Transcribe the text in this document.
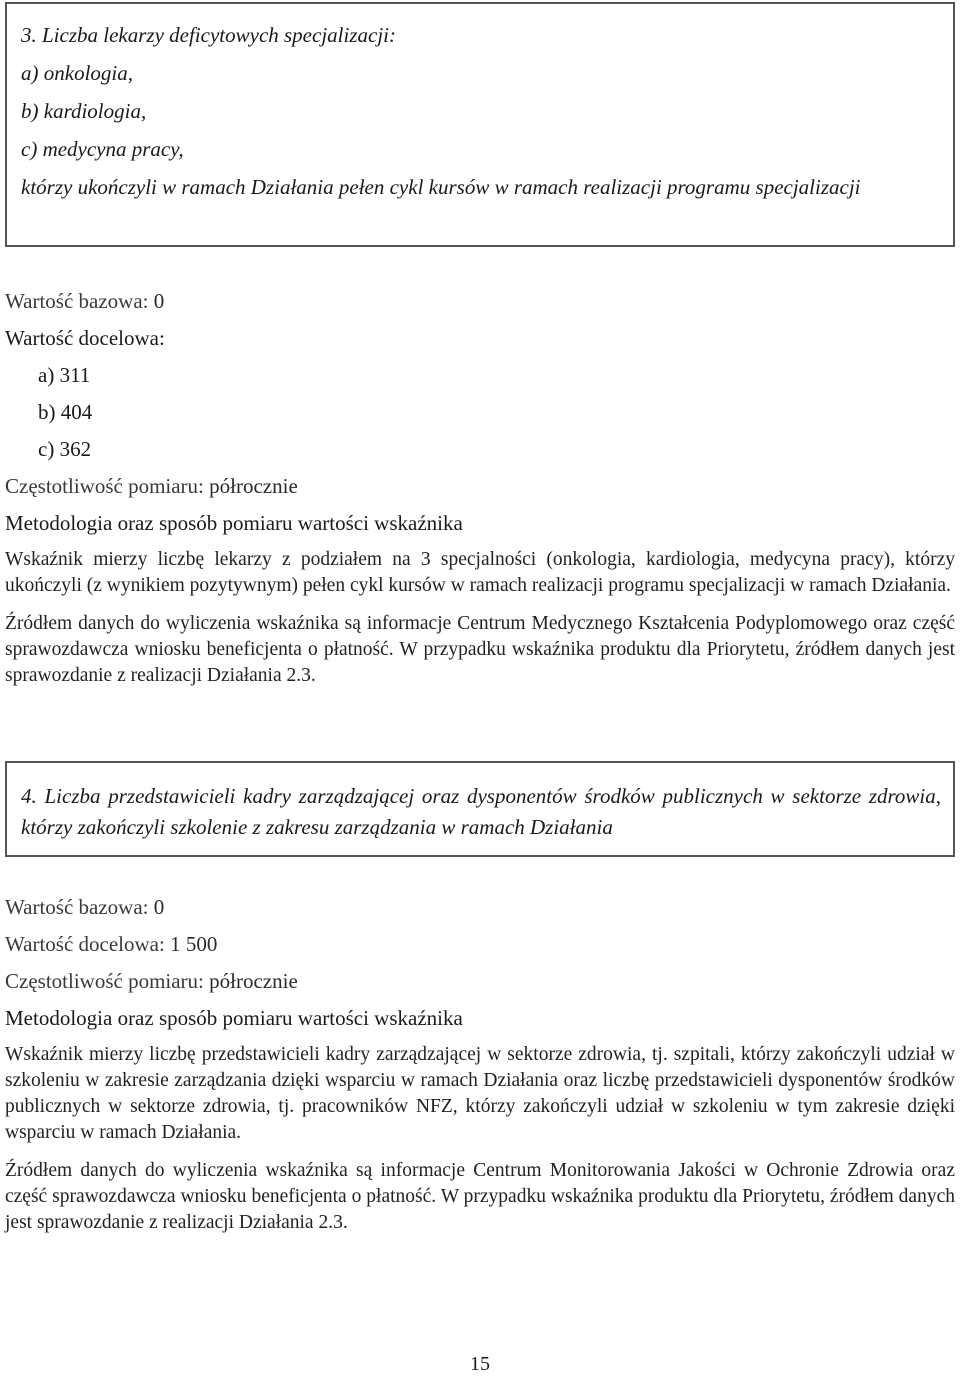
3. Liczba lekarzy deficytowych specjalizacji:
a) onkologia,
b) kardiologia,
c) medycyna pracy,
którzy ukończyli w ramach Działania pełen cykl kursów w ramach realizacji programu specjalizacji
Wartość bazowa: 0
Wartość docelowa:
a) 311
b) 404
c) 362
Częstotliwość pomiaru: półrocznie
Metodologia oraz sposób pomiaru wartości wskaźnika
Wskaźnik mierzy liczbę lekarzy z podziałem na 3 specjalności (onkologia, kardiologia, medycyna pracy), którzy ukończyli (z wynikiem pozytywnym) pełen cykl kursów w ramach realizacji programu specjalizacji w ramach Działania.
Źródłem danych do wyliczenia wskaźnika są informacje Centrum Medycznego Kształcenia Podyplomowego oraz część sprawozdawcza wniosku beneficjenta o płatność. W przypadku wskaźnika produktu dla Priorytetu, źródłem danych jest sprawozdanie z realizacji Działania 2.3.
4. Liczba przedstawicieli kadry zarządzającej oraz dysponentów środków publicznych w sektorze zdrowia, którzy zakończyli szkolenie z zakresu zarządzania w ramach Działania
Wartość bazowa: 0
Wartość docelowa: 1 500
Częstotliwość pomiaru: półrocznie
Metodologia oraz sposób pomiaru wartości wskaźnika
Wskaźnik mierzy liczbę przedstawicieli kadry zarządzającej w sektorze zdrowia, tj. szpitali, którzy zakończyli udział w szkoleniu w zakresie zarządzania dzięki wsparciu w ramach Działania oraz liczbę przedstawicieli dysponentów środków publicznych w sektorze zdrowia, tj. pracowników NFZ, którzy zakończyli udział w szkoleniu w tym zakresie dzięki wsparciu w ramach Działania.
Źródłem danych do wyliczenia wskaźnika są informacje Centrum Monitorowania Jakości w Ochronie Zdrowia oraz część sprawozdawcza wniosku beneficjenta o płatność. W przypadku wskaźnika produktu dla Priorytetu, źródłem danych jest sprawozdanie z realizacji Działania 2.3.
15
